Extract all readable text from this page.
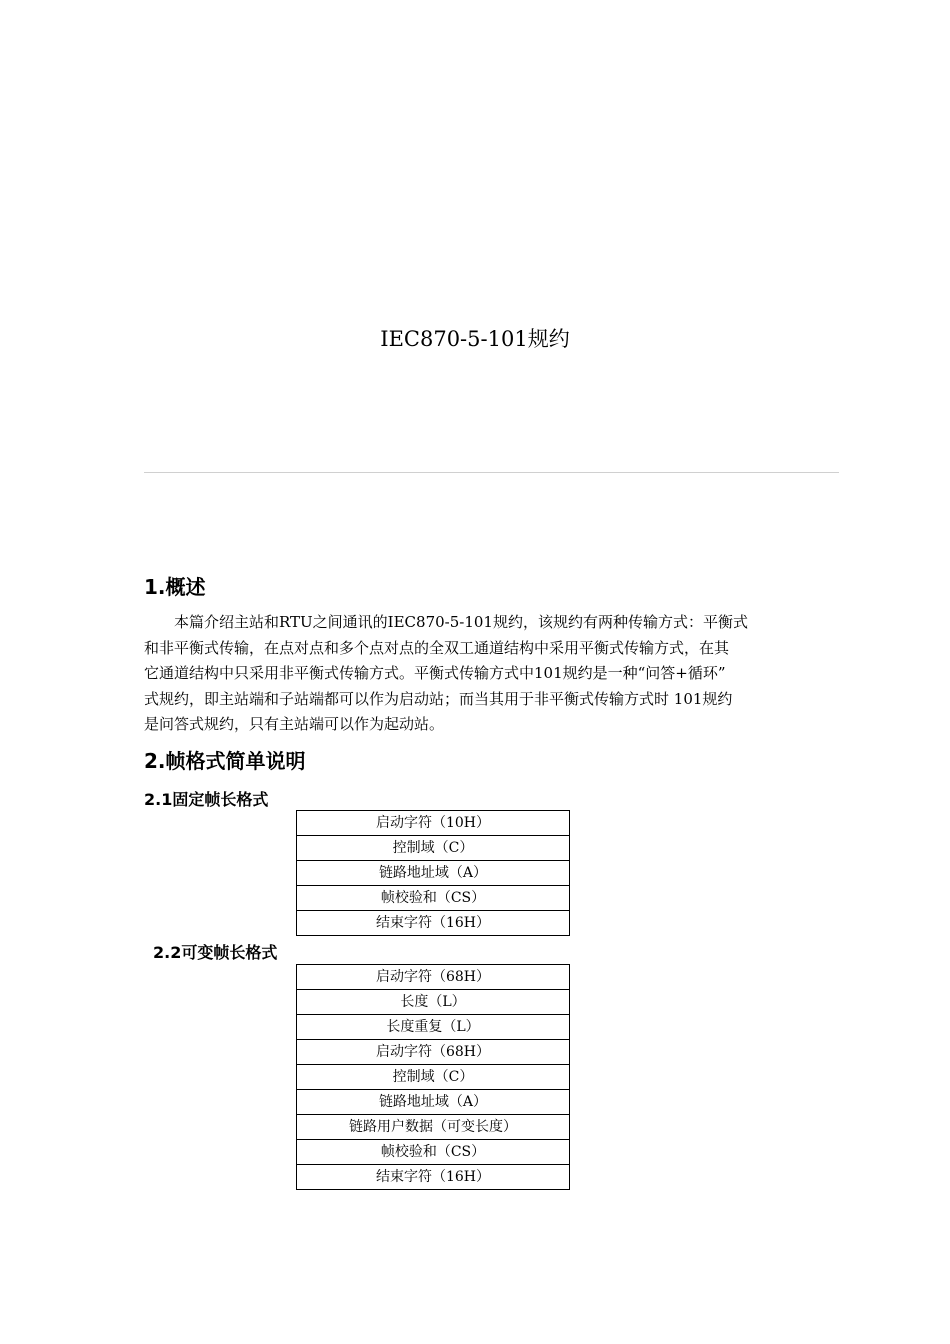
IEC870-5-101规约
1.概述

本篇介绍主站和RTU之间通讯的IEC870-5-101规约，该规约有两种传输方式：平衡式
和非平衡式传输，在点对点和多个点对点的全双工通道结构中采用平衡式传输方式，在其
它通道结构中只采用非平衡式传输方式。平衡式传输方式中101规约是一种“问答+循环”
式规约，即主站端和子站端都可以作为启动站；而当其用于非平衡式传输方式时 101规约
是问答式规约，只有主站端可以作为起动站。

2.帧格式简单说明
2.1固定帧长格式
启动字符（10H）
控制域（C）
链路地址域（A）
帧校验和（CS）
结束字符（16H）
2.2可变帧长格式
启动字符（68H）
长度（L）
长度重复（L）
启动字符（68H）
控制域（C）
链路地址域（A）
链路用户数据（可变长度）
帧校验和（CS）
结束字符（16H）
